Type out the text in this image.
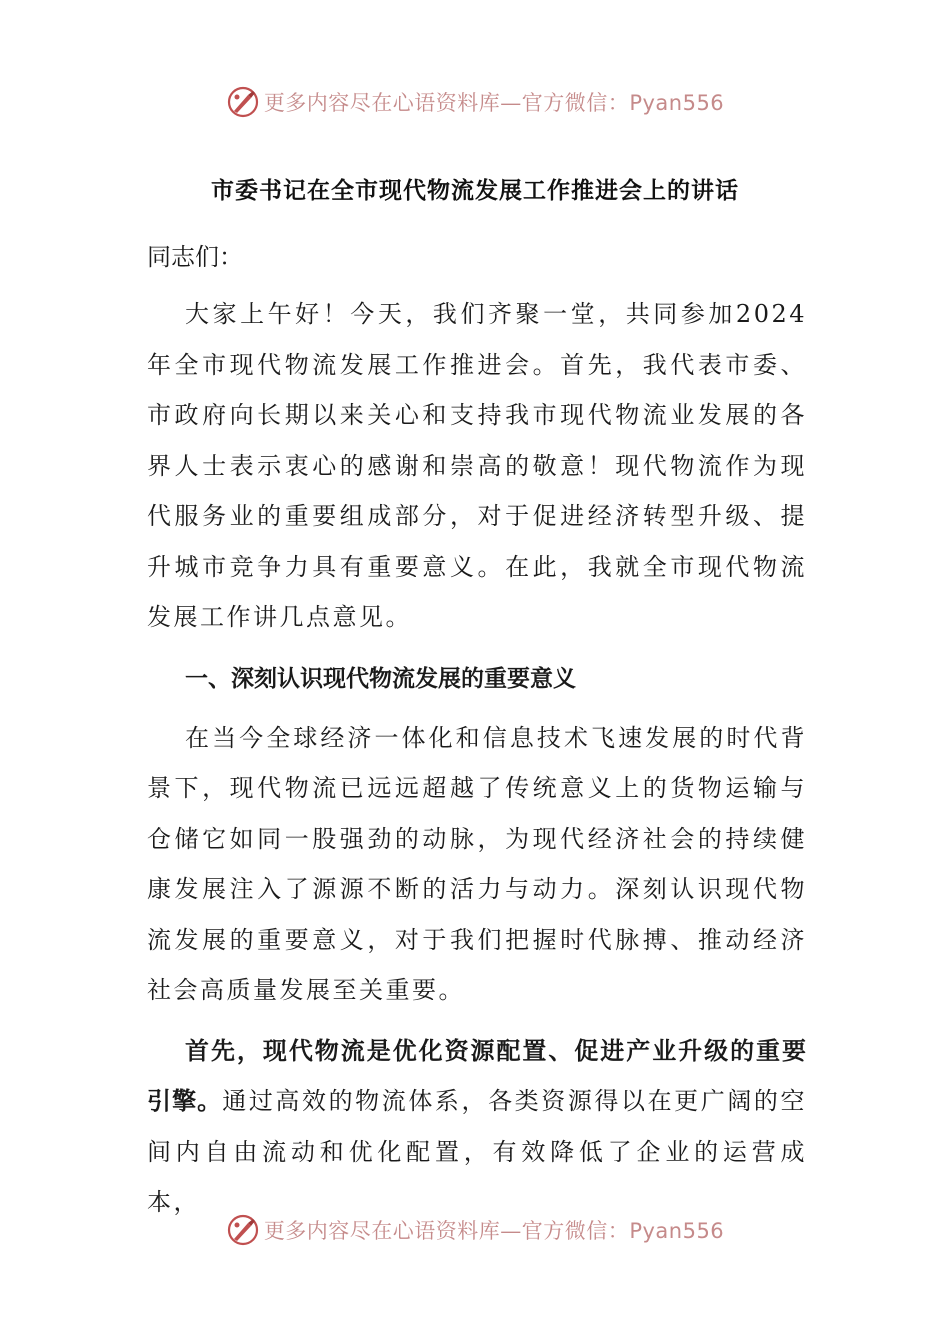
更多内容尽在心语资料库—官方微信：Pyan556
市委书记在全市现代物流发展工作推进会上的讲话

同志们：

大家上午好！今天，我们齐聚一堂，共同参加2024年全市现代物流发展工作推进会。首先，我代表市委、市政府向长期以来关心和支持我市现代物流业发展的各界人士表示衷心的感谢和崇高的敬意！现代物流作为现代服务业的重要组成部分，对于促进经济转型升级、提升城市竞争力具有重要意义。在此，我就全市现代物流发展工作讲几点意见。

一、深刻认识现代物流发展的重要意义

在当今全球经济一体化和信息技术飞速发展的时代背景下，现代物流已远远超越了传统意义上的货物运输与仓储它如同一股强劲的动脉，为现代经济社会的持续健康发展注入了源源不断的活力与动力。深刻认识现代物流发展的重要意义，对于我们把握时代脉搏、推动经济社会高质量发展至关重要。

首先，现代物流是优化资源配置、促进产业升级的重要引擎。通过高效的物流体系，各类资源得以在更广阔的空间内自由流动和优化配置，有效降低了企业的运营成本，

更多内容尽在心语资料库—官方微信：Pyan556
